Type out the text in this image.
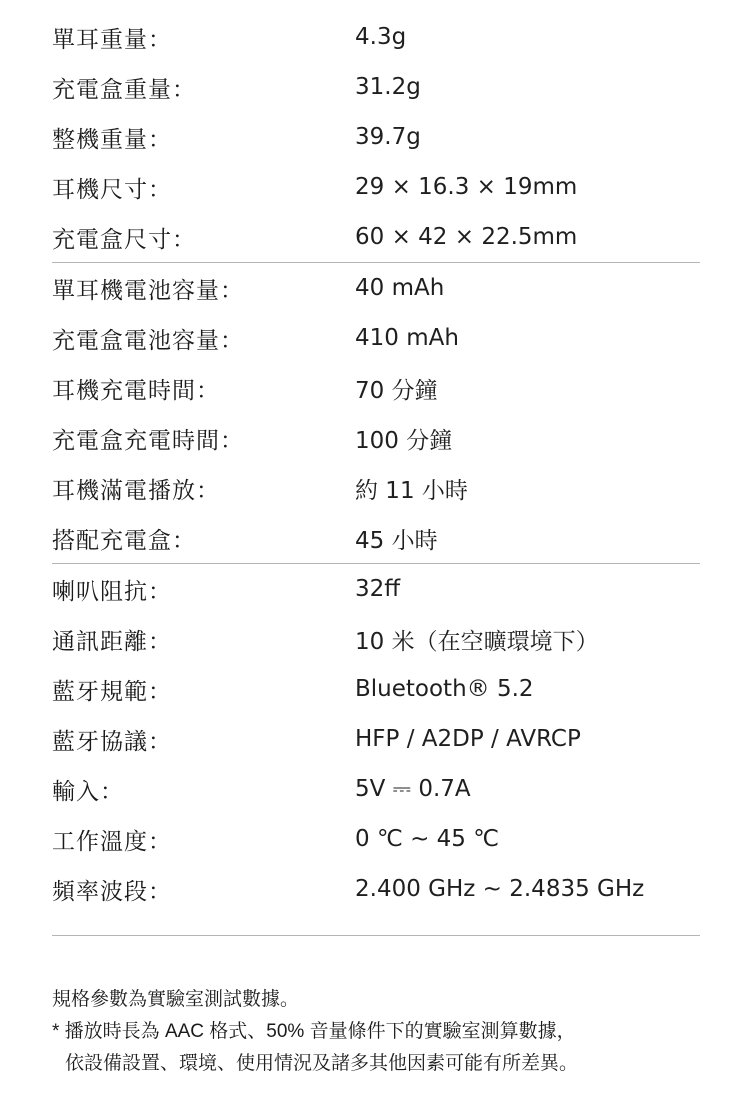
單耳重量：	4.3g
充電盒重量：	31.2g
整機重量：	39.7g
耳機尺寸：	29 × 16.3 × 19mm
充電盒尺寸：	60 × 42 × 22.5mm
單耳機電池容量：	40 mAh
充電盒電池容量：	410 mAh
耳機充電時間：	70 分鐘
充電盒充電時間：	100 分鐘
耳機滿電播放：	約 11 小時
搭配充電盒：	45 小時
喇叭阻抗：	32ff
通訊距離：	10 米（在空曠環境下）
藍牙規範：	Bluetooth® 5.2
藍牙協議：	HFP / A2DP / AVRCP
輸入：	5V ⎓ 0.7A
工作溫度：	0 ℃ ~ 45 ℃
頻率波段：	2.400 GHz ~ 2.4835 GHz
規格參數為實驗室測試數據。
* 播放時長為 AAC 格式、50% 音量條件下的實驗室測算數據，
依設備設置、環境、使用情況及諸多其他因素可能有所差異。
